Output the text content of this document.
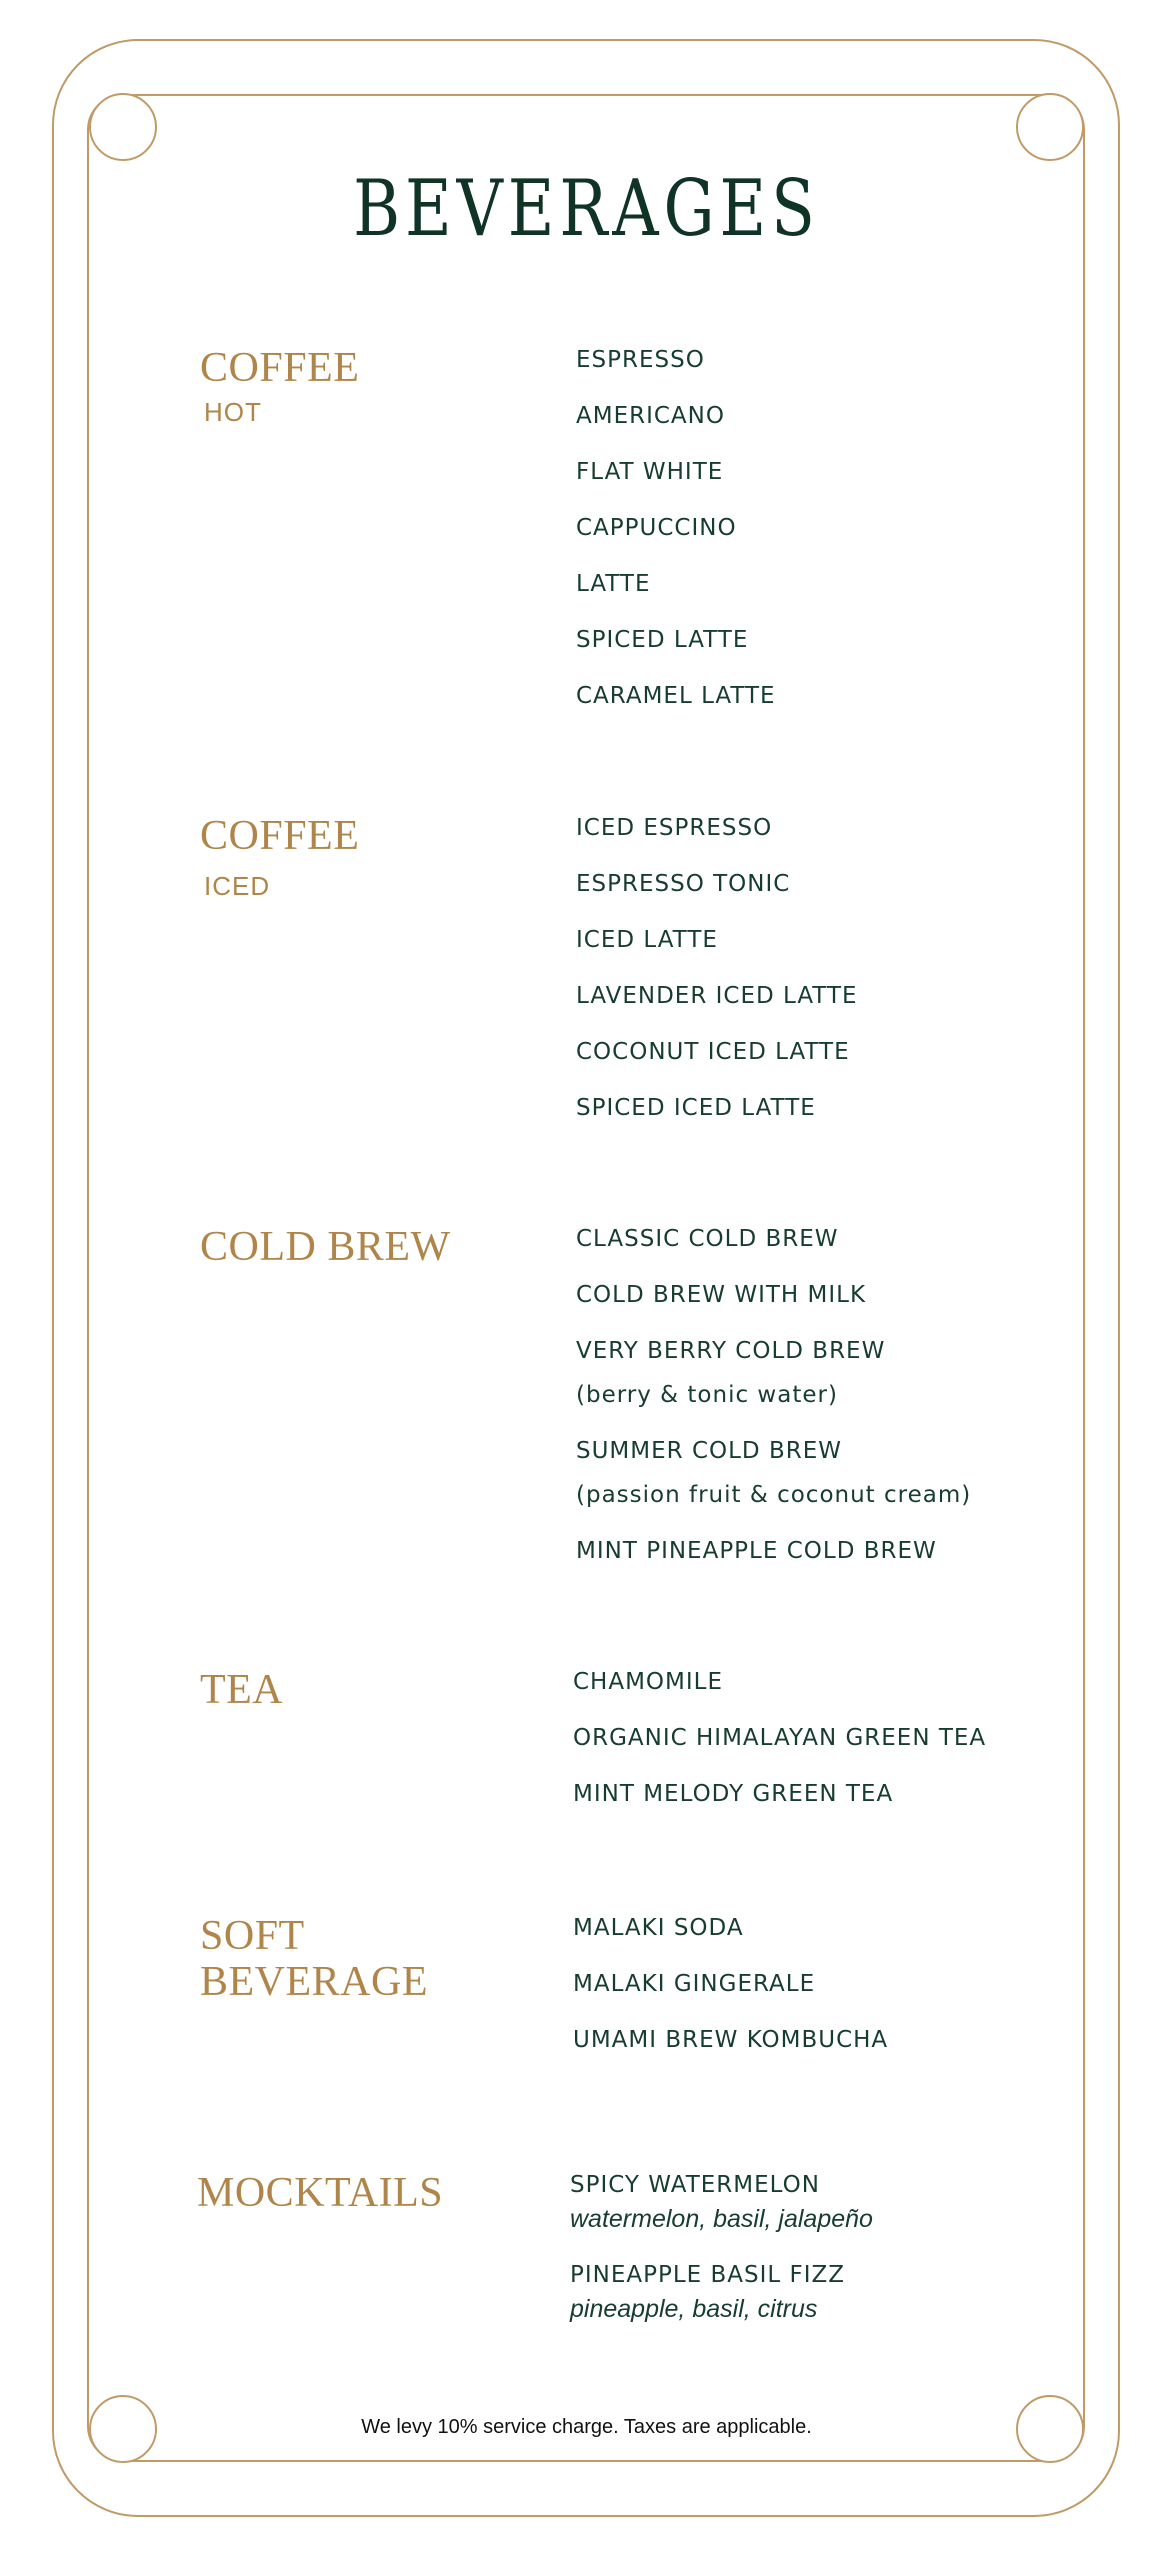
BEVERAGES
COFFEE
HOT
ESPRESSO
AMERICANO
FLAT WHITE
CAPPUCCINO
LATTE
SPICED LATTE
CARAMEL LATTE
COFFEE
ICED
ICED ESPRESSO
ESPRESSO TONIC
ICED LATTE
LAVENDER ICED LATTE
COCONUT ICED LATTE
SPICED ICED LATTE
COLD BREW	CLASSIC COLD BREW
COLD BREW WITH MILK
VERY BERRY COLD BREW
(berry & tonic water)
SUMMER COLD BREW
(passion fruit & coconut cream)
MINT PINEAPPLE COLD BREW
TEA	CHAMOMILE
ORGANIC HIMALAYAN GREEN TEA
MINT MELODY GREEN TEA
SOFT BEVERAGE
MALAKI SODA
MALAKI GINGERALE
UMAMI BREW KOMBUCHA
MOCKTAILS	SPICY WATERMELON
watermelon, basil, jalapeño
PINEAPPLE BASIL FIZZ
pineapple, basil, citrus
We levy 10% service charge. Taxes are applicable.
